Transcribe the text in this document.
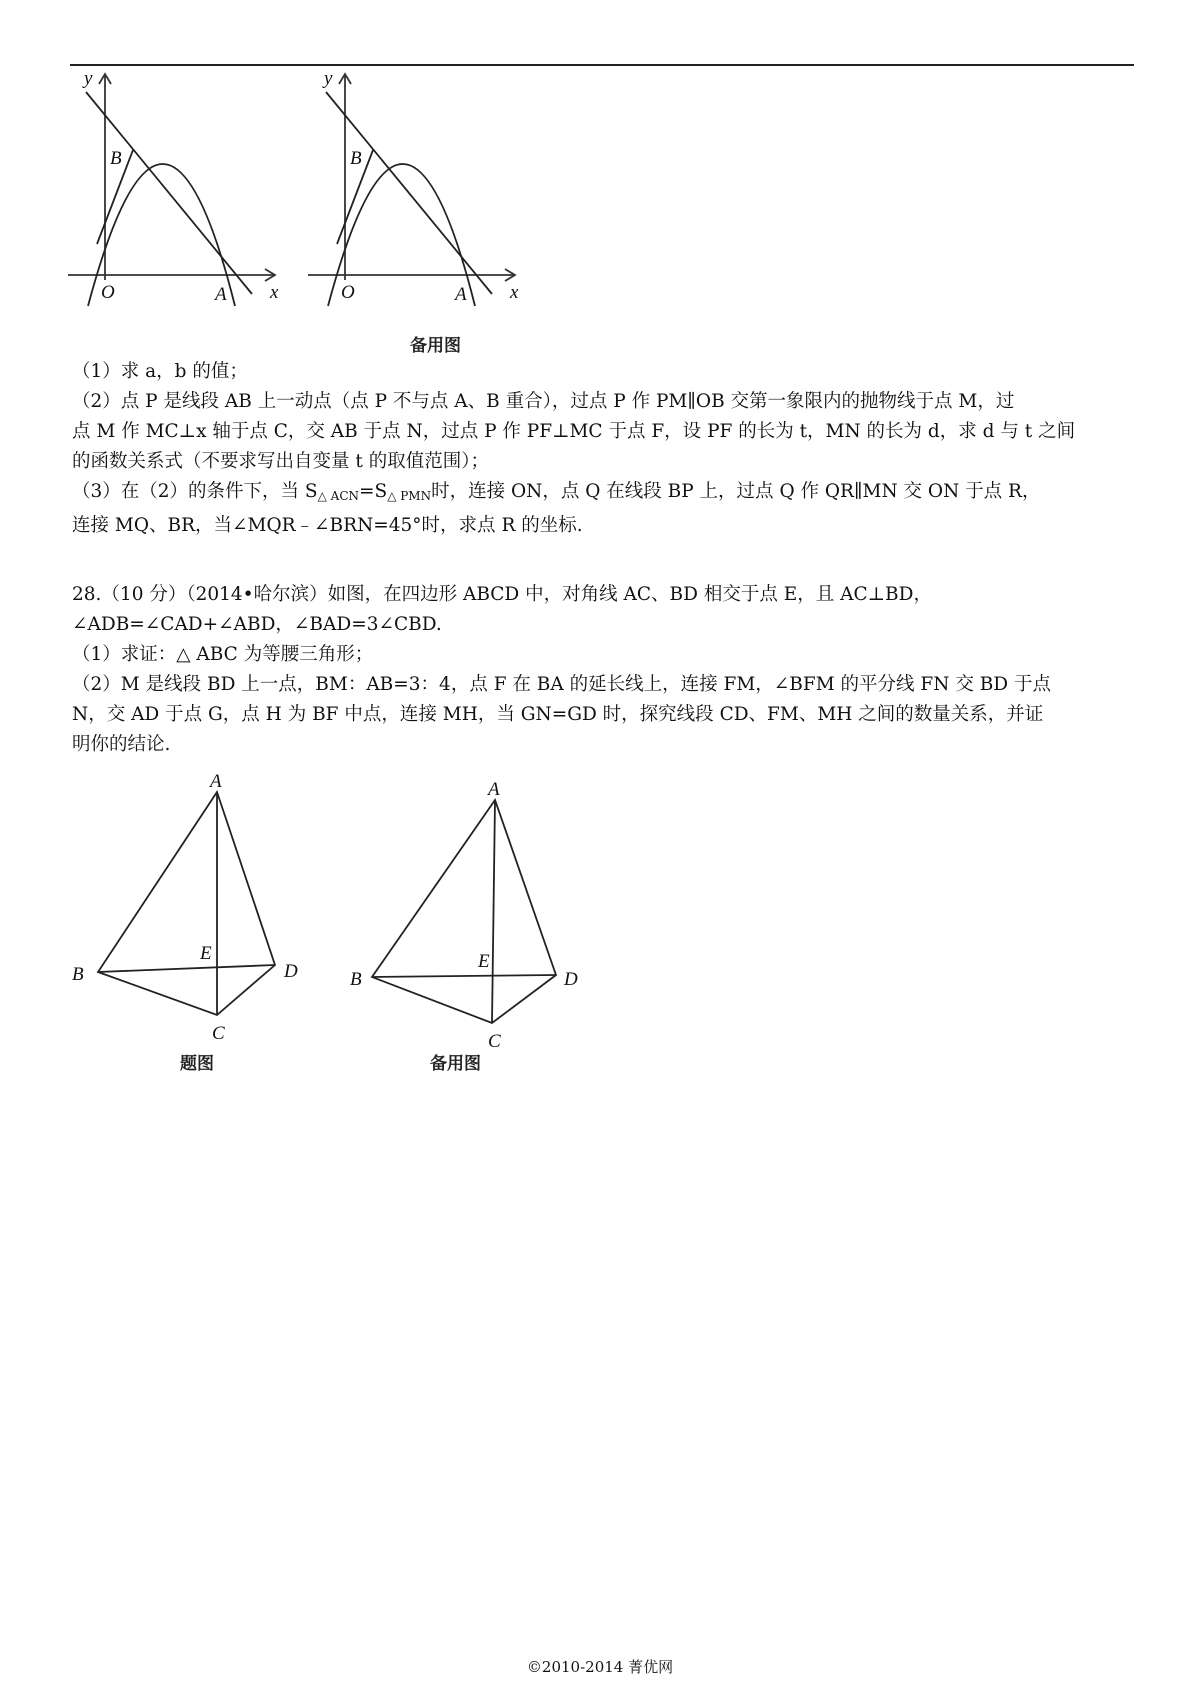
y
x
B
O	A
y
x
B
O	A
备用图

（1）求 a，b 的值；

（2）点 P 是线段 AB 上一动点（点 P 不与点 A、B 重合），过点 P 作 PM∥OB 交第一象限内的抛物线于点 M，过

点 M 作 MC⊥x 轴于点 C，交 AB 于点 N，过点 P 作 PF⊥MC 于点 F，设 PF 的长为 t，MN 的长为 d，求 d 与 t 之间

的函数关系式（不要求写出自变量 t 的取值范围）；

（3）在（2）的条件下，当 $S_{\triangle ACN}=S_{\triangle PMN}$时，连接 ON，点 Q 在线段 BP 上，过点 Q 作 QR∥MN 交 ON 于点 R，

连接 MQ、BR，当∠MQR﹣∠BRN=45°时，求点 R 的坐标.

28.（10 分）（2014•哈尔滨）如图，在四边形 ABCD 中，对角线 AC、BD 相交于点 E，且 AC⊥BD，

∠ADB=∠CAD+∠ABD，∠BAD=3∠CBD.

（1）求证：△ ABC 为等腰三角形；

（2）M 是线段 BD 上一点，BM：AB=3：4，点 F 在 BA 的延长线上，连接 FM，∠BFM 的平分线 FN 交 BD 于点

N，交 AD 于点 G，点 H 为 BF 中点，连接 MH，当 GN=GD 时，探究线段 CD、FM、MH 之间的数量关系，并证

明你的结论.

A
B
C
D
E
题图
A
B
C
D
E
备用图
©2010-2014 菁优网
